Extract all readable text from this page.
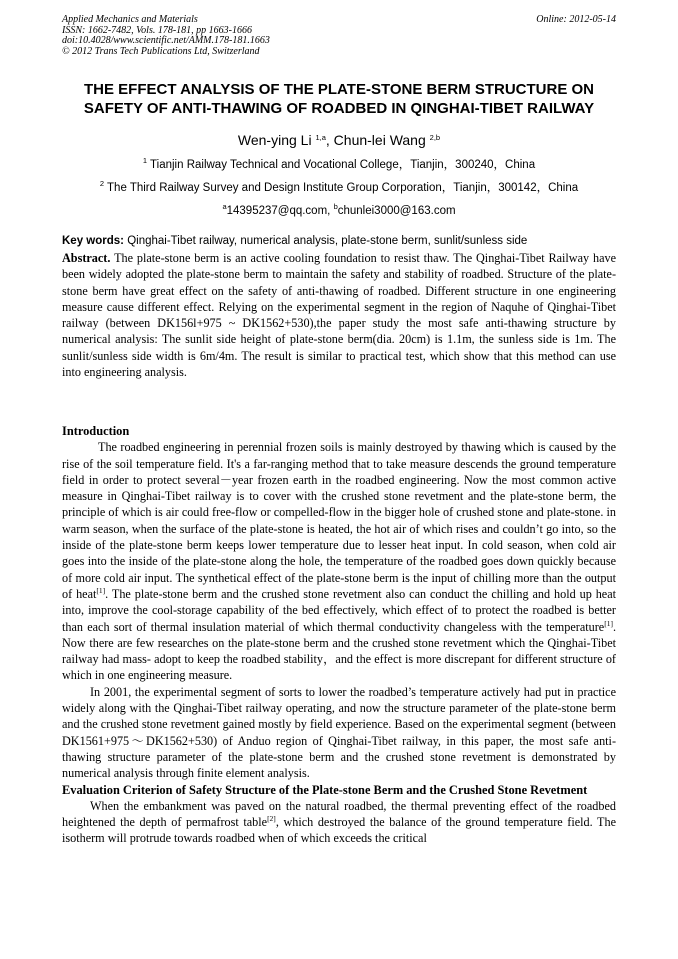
Applied Mechanics and Materials
ISSN: 1662-7482, Vols. 178-181, pp 1663-1666
doi:10.4028/www.scientific.net/AMM.178-181.1663
© 2012 Trans Tech Publications Ltd, Switzerland
Online: 2012-05-14
THE EFFECT ANALYSIS OF THE PLATE-STONE BERM STRUCTURE ON
SAFETY OF ANTI-THAWING OF ROADBED IN QINGHAI-TIBET RAILWAY
Wen-ying Li $^{1,a}$, Chun-lei Wang $^{2,b}$
$^1$ Tianjin Railway Technical and Vocational College，Tianjin，300240，China
$^2$ The Third Railway Survey and Design Institute Group Corporation，Tianjin，300142，China
$^a$14395237@qq.com, $^b$chunlei3000@163.com
Key words: Qinghai-Tibet railway, numerical analysis, plate-stone berm, sunlit/sunless side

Abstract. The plate-stone berm is an active cooling foundation to resist thaw. The Qinghai-Tibet Railway have been widely adopted the plate-stone berm to maintain the safety and stability of roadbed. Structure of the plate-stone berm have great effect on the safety of anti-thawing of roadbed. Different structure in one engineering measure cause different effect. Relying on the experimental segment in the region of Naquhe of Qinghai-Tibet railway (between DK156l+975 ~ DK1562+530),the paper study the most safe anti-thawing structure by numerical analysis: The sunlit side height of plate-stone berm(dia. 20cm) is 1.1m, the sunless side is 1m. The sunlit/sunless side width is 6m/4m. The result is similar to practical test, which show that this method can use into engineering analysis.

Introduction

The roadbed engineering in perennial frozen soils is mainly destroyed by thawing which is caused by the rise of the soil temperature field. It's a far-ranging method that to take measure descends the ground temperature field in order to protect several－year frozen earth in the roadbed engineering. Now the most common active measure in Qinghai-Tibet railway is to cover with the crushed stone revetment and the plate-stone berm, the principle of which is air could free-flow or compelled-flow in the bigger hole of crushed stone and plate-stone. in warm season, when the surface of the plate-stone is heated, the hot air of which rises and couldn’t go into, so the inside of the plate-stone berm keeps lower temperature due to lesser heat input. In cold season, when cold air goes into the inside of the plate-stone along the hole, the temperature of the roadbed goes down quickly because of more cold air input. The synthetical effect of the plate-stone berm is the input of chilling more than the output of heat[1]. The plate-stone berm and the crushed stone revetment also can conduct the chilling and hold up heat into, improve the cool-storage capability of the bed effectively, which effect of to protect the roadbed is better than each sort of thermal insulation material of which thermal conductivity changeless with the temperature[1]. Now there are few researches on the plate-stone berm and the crushed stone revetment which the Qinghai-Tibet railway had mass- adopt to keep the roadbed stability，and the effect is more discrepant for different structure of which in one engineering measure.

In 2001, the experimental segment of sorts to lower the roadbed’s temperature actively had put in practice widely along with the Qinghai-Tibet railway operating, and now the structure parameter of the plate-stone berm and the crushed stone revetment gained mostly by field experience. Based on the experimental segment (between DK1561+975～DK1562+530) of Anduo region of Qinghai-Tibet railway, in this paper, the most safe anti-thawing structure parameter of the plate-stone berm and the crushed stone revetment is demonstrated by numerical analysis through finite element analysis.

Evaluation Criterion of Safety Structure of the Plate-stone Berm and the Crushed Stone Revetment

When the embankment was paved on the natural roadbed, the thermal preventing effect of the roadbed heightened the depth of permafrost table[2], which destroyed the balance of the ground temperature field. The isotherm will protrude towards roadbed when of which exceeds the critical
